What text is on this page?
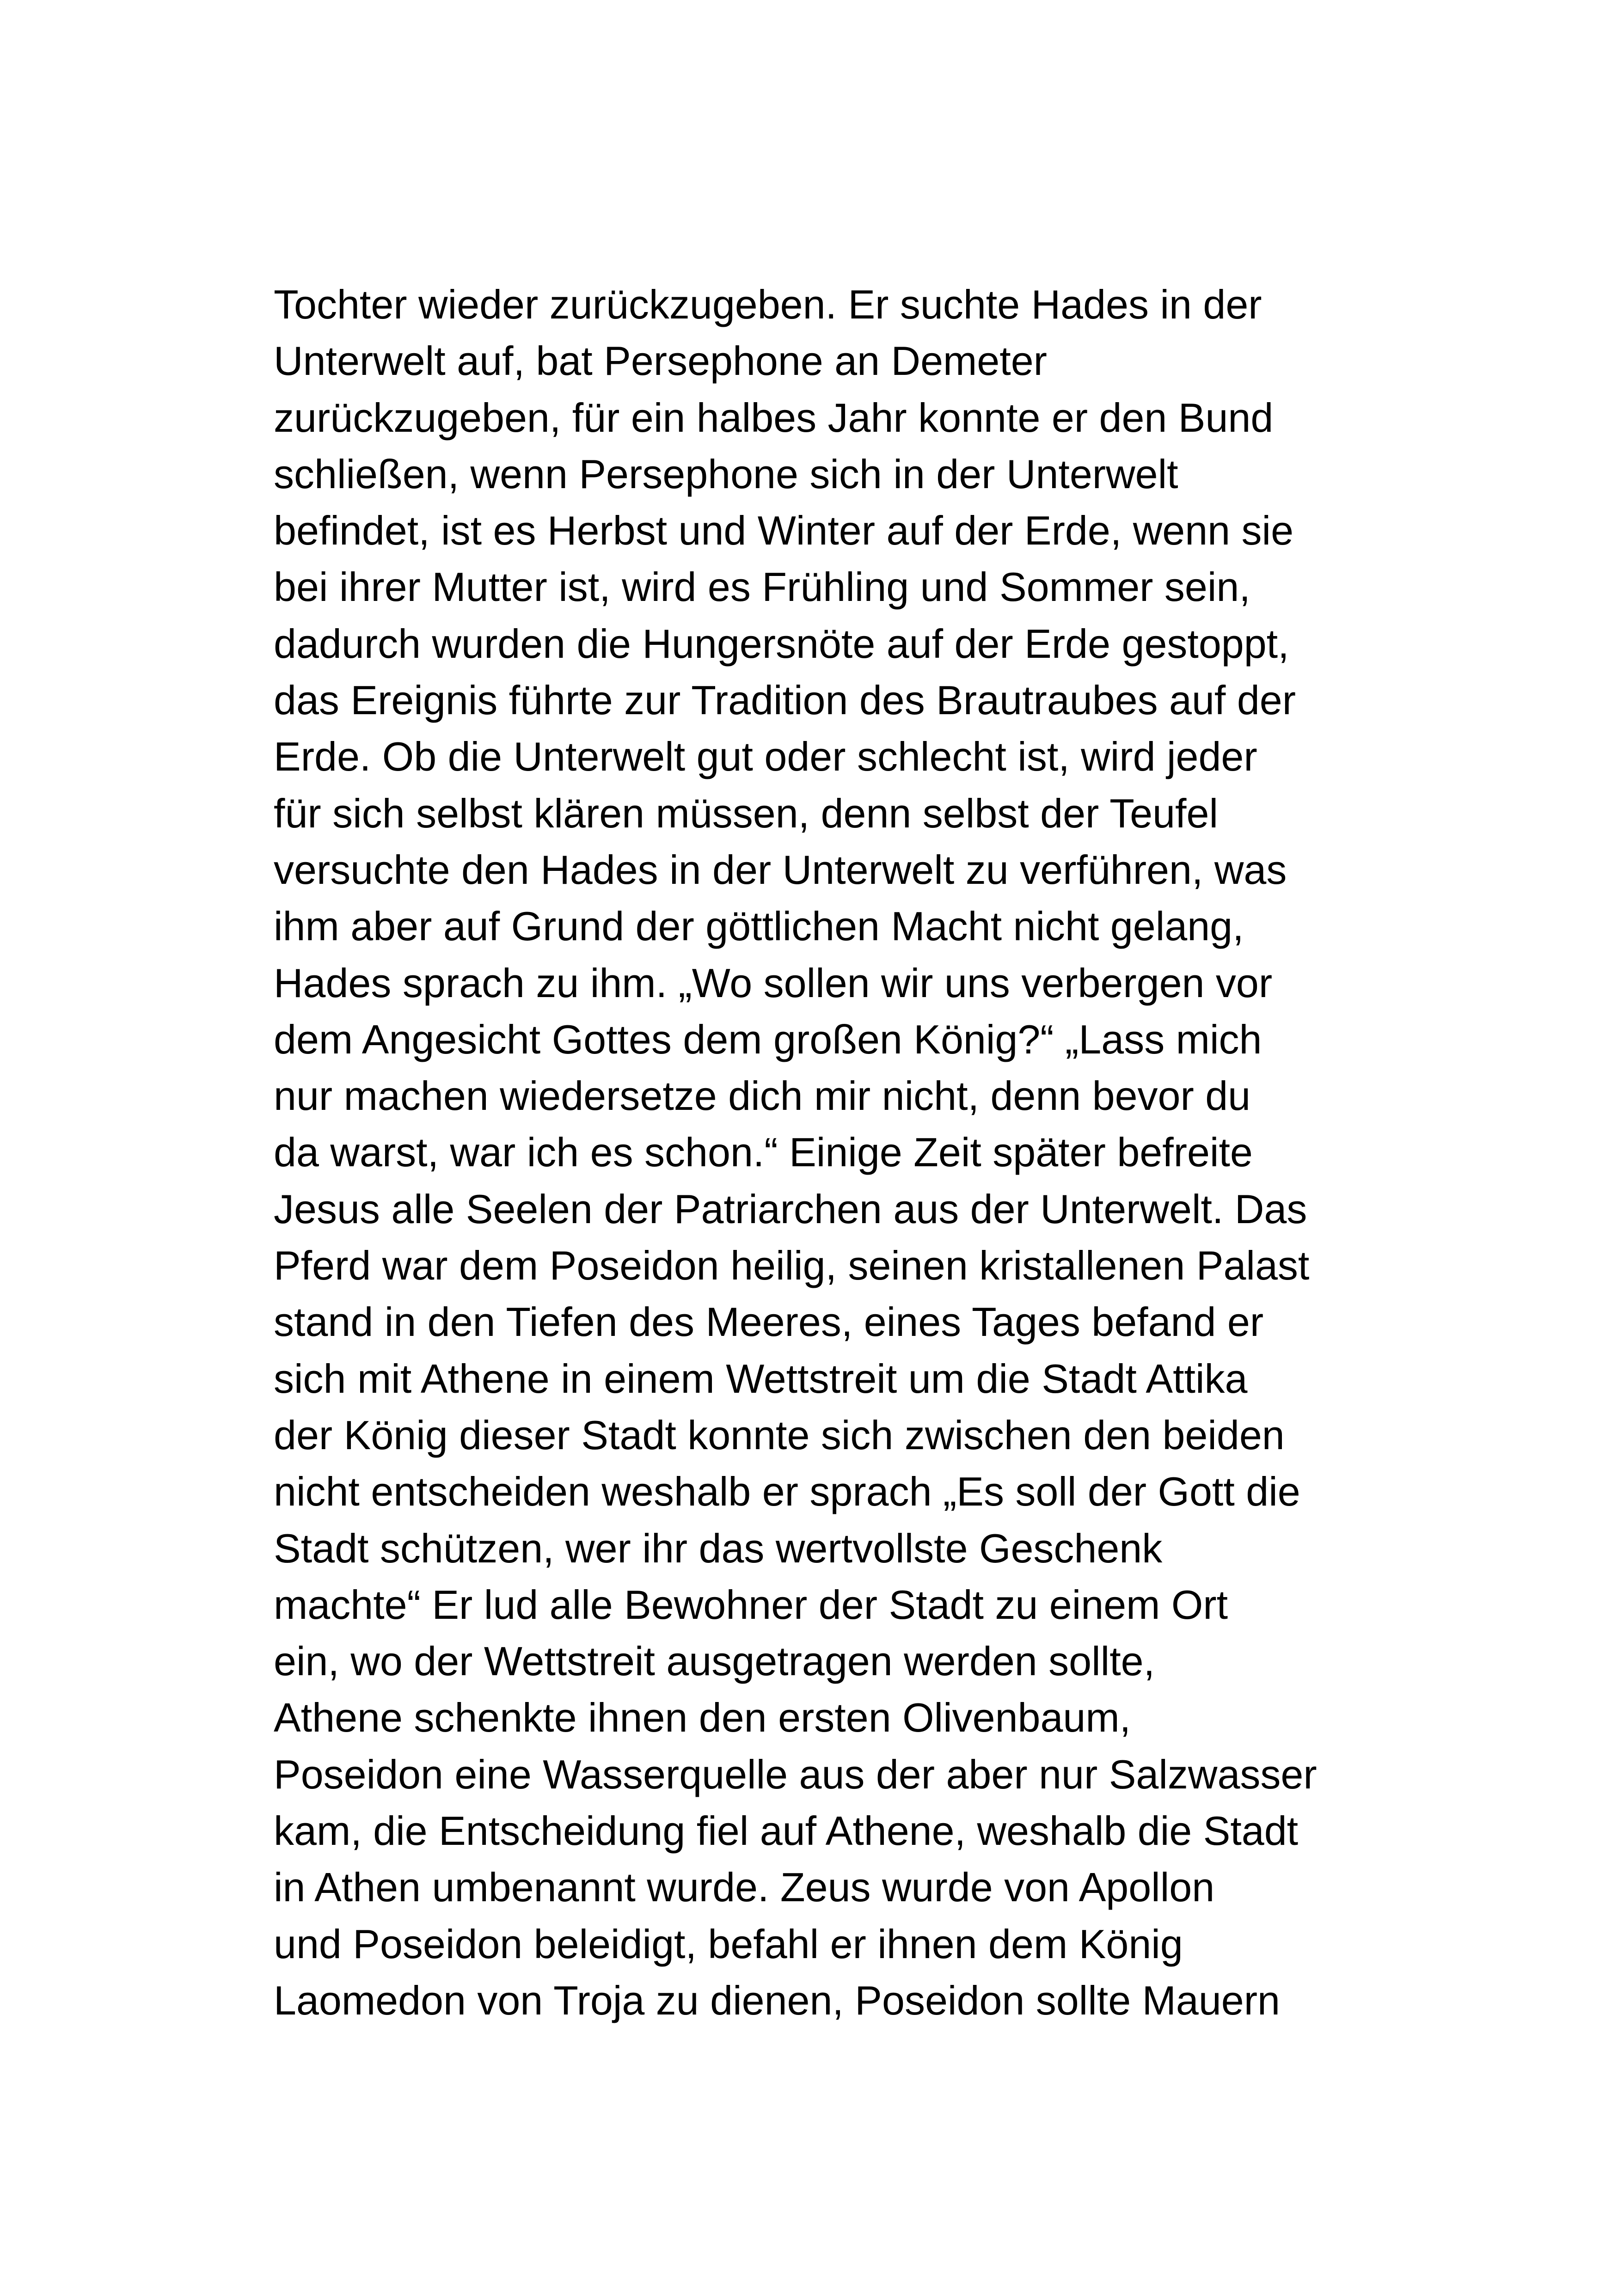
Tochter wieder zurückzugeben. Er suchte Hades in der
Unterwelt auf, bat Persephone an Demeter
zurückzugeben, für ein halbes Jahr konnte er den Bund
schließen, wenn Persephone sich in der Unterwelt
befindet, ist es Herbst und Winter auf der Erde, wenn sie
bei ihrer Mutter ist, wird es Frühling und Sommer sein,
dadurch wurden die Hungersnöte auf der Erde gestoppt,
das Ereignis führte zur Tradition des Brautraubes auf der
Erde. Ob die Unterwelt gut oder schlecht ist, wird jeder
für sich selbst klären müssen, denn selbst der Teufel
versuchte den Hades in der Unterwelt zu verführen, was
ihm aber auf Grund der göttlichen Macht nicht gelang,
Hades sprach zu ihm. „Wo sollen wir uns verbergen vor
dem Angesicht Gottes dem großen König?“ „Lass mich
nur machen wiedersetze dich mir nicht, denn bevor du
da warst, war ich es schon.“ Einige Zeit später befreite
Jesus alle Seelen der Patriarchen aus der Unterwelt. Das
Pferd war dem Poseidon heilig, seinen kristallenen Palast
stand in den Tiefen des Meeres, eines Tages befand er
sich mit Athene in einem Wettstreit um die Stadt Attika
der König dieser Stadt konnte sich zwischen den beiden
nicht entscheiden weshalb er sprach „Es soll der Gott die
Stadt schützen, wer ihr das wertvollste Geschenk
machte“ Er lud alle Bewohner der Stadt zu einem Ort
ein, wo der Wettstreit ausgetragen werden sollte,
Athene schenkte ihnen den ersten Olivenbaum,
Poseidon eine Wasserquelle aus der aber nur Salzwasser
kam, die Entscheidung fiel auf Athene, weshalb die Stadt
in Athen umbenannt wurde. Zeus wurde von Apollon
und Poseidon beleidigt, befahl er ihnen dem König
Laomedon von Troja zu dienen, Poseidon sollte Mauern
